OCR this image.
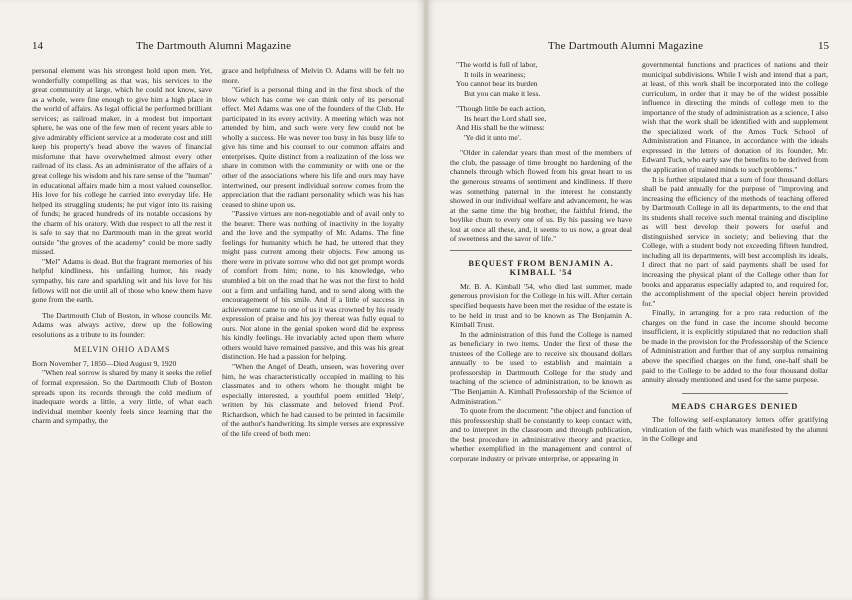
14	The Dartmouth Alumni Magazine

personal element was his strongest hold upon men. Yet, wonderfully compelling as that was, his services to the great community at large, which he could not know, save as a whole, were fine enough to give him a high place in the world of affairs. As legal official he performed brilliant services; as railroad maker, in a modest but important sphere, he was one of the few men of recent years able to give admirably efficient service at a moderate cost and still keep his property's head above the waves of financial misfortune that have overwhelmed almost every other railroad of its class. As an administrator of the affairs of a great college his wisdom and his rare sense of the "human" in educational affairs made him a most valued counsellor. His love for his college he carried into everyday life. He helped its struggling students; he put vigor into its raising of funds; he graced hundreds of its notable occasions by the charm of his oratory. With due respect to all the rest it is safe to say that no Dartmouth man in the great world outside "the groves of the academy" could be more sadly missed.

"Mel" Adams is dead. But the fragrant memories of his helpful kindliness, his unfailing humor, his ready sympathy, his rare and sparkling wit and his love for his fellows will not die until all of those who knew them have gone from the earth.

The Dartmouth Club of Boston, in whose councils Mr. Adams was always active, drew up the following resolutions as a tribute to its founder:

MELVIN OHIO ADAMS

Born November 7, 1850—Died August 9, 1920

"When real sorrow is shared by many it seeks the relief of formal expression. So the Dartmouth Club of Boston spreads upon its records through the cold medium of inadequate words a little, a very little, of what each individual member keenly feels since learning that the charm and sympathy, the

grace and helpfulness of Melvin O. Adams will be felt no more.

"Grief is a personal thing and in the first shock of the blow which has come we can think only of its personal effect. Mel Adams was one of the founders of the Club. He participated in its every activity. A meeting which was not attended by him, and such were very few could not be wholly a success. He was never too busy in his busy life to give his time and his counsel to our common affairs and enterprises. Quite distinct from a realization of the loss we share in common with the community or with one or the other of the associations where his life and ours may have intertwined, our present individual sorrow comes from the appreciation that the radiant personality which was his has ceased to shine upon us.

"Passive virtues are non-negotiable and of avail only to the bearer. There was nothing of inactivity in the loyalty and the love and the sympathy of Mr. Adams. The fine feelings for humanity which he had, he uttered that they might pass current among their objects. Few among us there were in private sorrow who did not get prompt words of comfort from him; none, to his knowledge, who stumbled a bit on the road that he was not the first to hold out a firm and unfailing hand, and to send along with the encouragement of his smile. And if a little of success in achievement came to one of us it was crowned by his ready expression of praise and his joy thereat was fully equal to ours. Not alone in the genial spoken word did he express his kindly feelings. He invariably acted upon them where others would have remained passive, and this was his great distinction. He had a passion for helping.

"When the Angel of Death, unseen, was hovering over him, he was characteristically occupied in mailing to his classmates and to others whom he thought might be especially interested, a youthful poem entitled 'Help', written by his classmate and beloved friend Prof. Richardson, which he had caused to be printed in facsimile of the author's handwriting. Its simple verses are expressive of the life creed of both men:

The Dartmouth Alumni Magazine	15

"The world is full of labor,

It toils in weariness;

You cannot bear its burden

But you can make it less.

"Though little be each action,

Its heart the Lord shall see,

And His shall be the witness:

'Ye did it unto me'.

"Older in calendar years than most of the members of the club, the passage of time brought no hardening of the channels through which flowed from his great heart to us the generous streams of sentiment and kindliness. If there was something paternal in the interest he constantly showed in our individual welfare and advancement, he was at the same time the big brother, the faithful friend, the boylike chum to every one of us. By his passing we have lost at once all these, and, it seems to us now, a great deal of sweetness and the savor of life."

BEQUEST FROM BENJAMIN A.
KIMBALL '54

Mr. B. A. Kimball '54, who died last summer, made generous provision for the College in his will. After certain specified bequests have been met the residue of the estate is to be held in trust and to be known as The Benjamin A. Kimball Trust.

In the administration of this fund the College is named as beneficiary in two items. Under the first of these the trustees of the College are to receive six thousand dollars annually to be used to establish and maintain a professorship in Dartmouth College for the study and teaching of the science of administration, to be known as "The Benjamin A. Kimball Professorship of the Science of Administration."

To quote from the document: "the object and function of this professorship shall be constantly to keep contact with, and to interpret in the classroom and through publication, the best procedure in administrative theory and practice, whether exemplified in the management and control of corporate industry or private enterprise, or appearing in

governmental functions and practices of nations and their municipal subdivisions. While I wish and intend that a part, at least, of this work shall be incorporated into the college curriculum, in order that it may be of the widest possible influence in directing the minds of college men to the importance of the study of administration as a science, I also wish that the work shall be identified with and supplement the specialized work of the Amos Tuck School of Administration and Finance, in accordance with the ideals expressed in the letters of donation of its founder, Mr. Edward Tuck, who early saw the benefits to be derived from the application of trained minds to such problems."

It is further stipulated that a sum of four thousand dollars shall be paid annually for the purpose of "improving and increasing the efficiency of the methods of teaching offered by Dartmouth College in all its departments, to the end that its students shall receive such mental training and discipline as will best develop their powers for useful and distinguished service in society; and believing that the College, with a student body not exceeding fifteen hundred, including all its departments, will best accomplish its ideals, I direct that no part of said payments shall be used for increasing the physical plant of the College other than for books and apparatus especially adapted to, and required for, the accomplishment of the special object herein provided for."

Finally, in arranging for a pro rata reduction of the charges on the fund in case the income should become insufficient, it is explicitly stipulated that no reduction shall be made in the provision for the Professorship of the Science of Administration and further that of any surplus remaining above the specified charges on the fund, one-half shall be paid to the College to be added to the four thousand dollar annuity already mentioned and used for the same purpose.

MEADS CHARGES DENIED

The following self-explanatory letters offer gratifying vindication of the faith which was manifested by the alumni in the College and
